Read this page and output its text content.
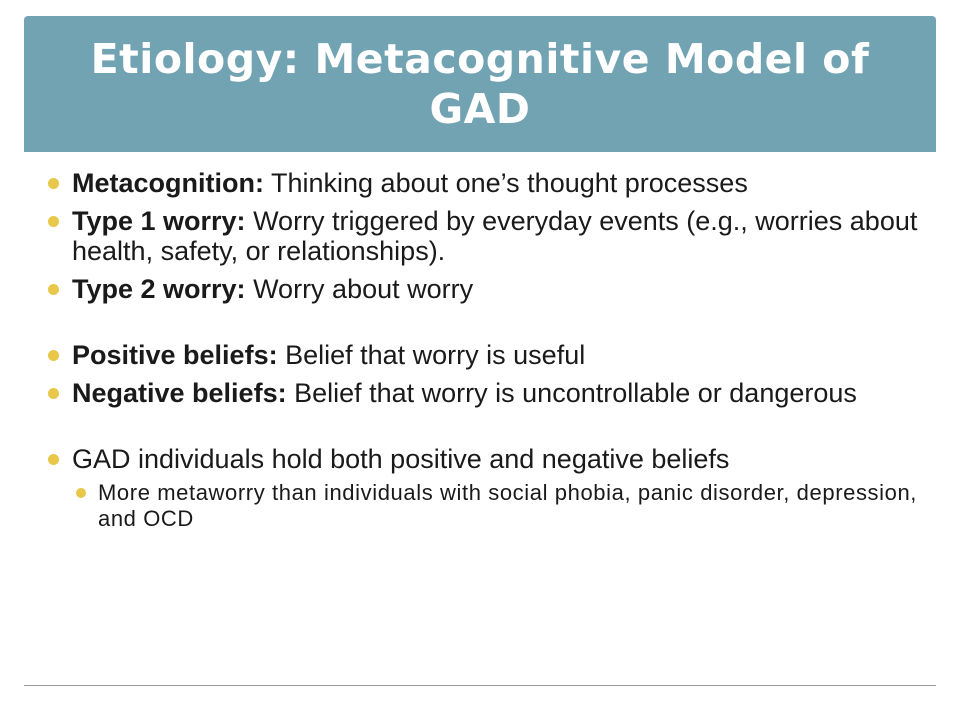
Etiology: Metacognitive Model of GAD
Metacognition: Thinking about one’s thought processes
Type 1 worry: Worry triggered by everyday events (e.g., worries about health, safety, or relationships).
Type 2 worry: Worry about worry
Positive beliefs: Belief that worry is useful
Negative beliefs: Belief that worry is uncontrollable or dangerous
GAD individuals hold both positive and negative beliefs
More metaworry than individuals with social phobia, panic disorder, depression, and OCD
